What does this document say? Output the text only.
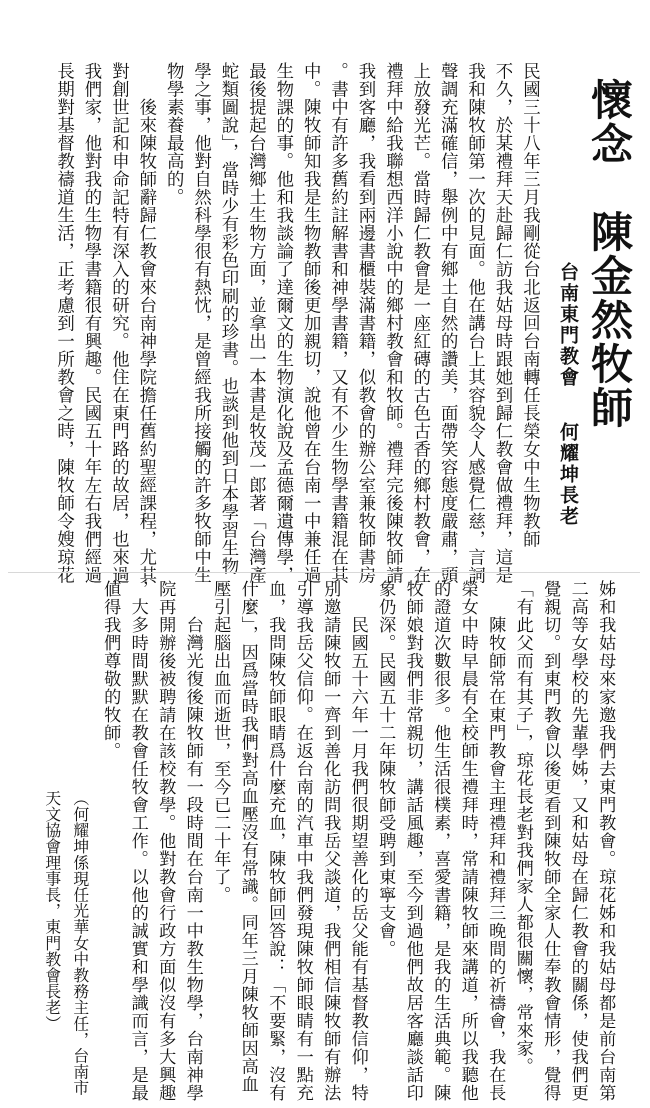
懷念　陳金然牧師
台南東門教會
何耀坤長老
民國三十八年三月我剛從台北返回台南轉任長榮女中生物教師
不久，於某禮拜天赴歸仁訪我姑母時跟她到歸仁教會做禮拜，這是
我和陳牧師第一次的見面。他在講台上其容貌令人感覺仁慈，言詞
聲調充滿確信，舉例中有鄉土自然的讚美，面帶笑容態度嚴肅，頭
上放發光芒。當時歸仁教會是一座紅磚的古色古香的鄉村教會，在
禮拜中給我聯想西洋小說中的鄉村教會和牧師。禮拜完後陳牧師請
我到客廳，我看到兩邊書櫃裝滿書籍，似教會的辦公室兼牧師書房
。書中有許多舊約註解書和神學書籍，又有不少生物學書籍混在其
中。陳牧師知我是生物教師後更加親切，說他曾在台南一中兼任過
生物課的事。他和我談論了達爾文的生物演化說及孟德爾遺傳學，
最後提起台灣鄉土生物方面，並拿出一本書是牧茂一郎著「台灣產
蛇類圖說」，當時少有彩色印刷的珍書。也談到他到日本學習生物
學之事，他對自然科學很有熱忱，是曾經我所接觸的許多牧師中生
物學素養最高的。
　　後來陳牧師辭歸仁教會來台南神學院擔任舊約聖經課程，尤其
對創世記和申命記特有深入的研究。他住在東門路的故居，也來過
我們家，他對我的生物學書籍很有興趣。民國五十年左右我們經過
長期對基督教禱道生活，正考慮到一所教會之時，陳牧師令嫂琼花
姊和我姑母來家邀我們去東門教會。琼花姊和我姑母都是前台南第
二高等女學校的先輩學姊，又和姑母在歸仁教會的關係，使我們更
覺親切。到東門教會以後更看到陳牧師全家人仕奉教會情形，覺得
「有此父而有其子」，琼花長老對我們家人都很關懷，常來家。
　　陳牧師常在東門教會主理禮拜和禮拜三晚間的祈禱會，我在長
榮女中時早晨有全校師生禮拜時，常請陳牧師來講道，所以我聽他
的證道次數很多。他生活很樸素，喜愛書籍，是我的生活典範。陳
牧師娘對我們非常親切，講話風趣，至今到過他們故居客廳談話印
象仍深。民國五十二年陳牧師受聘到東寧支會。
　　民國五十六年一月我們很期望善化的岳父能有基督教信仰，特
別邀請陳牧師一齊到善化訪問我岳父談道，我們相信陳牧師有辦法
引導我岳父信仰。在返台南的汽車中我們發現陳牧師眼睛有一點充
血，我問陳牧師眼睛爲什麼充血，陳牧師回答說：「不要緊，沒有
什麼」，因爲當時我們對高血壓沒有常識。同年三月陳牧師因高血
壓引起腦出血而逝世，至今已二十年了。
　　台灣光復後陳牧師有一段時間在台南一中教生物學，台南神學
院再開辦後被聘請在該校教學。他對教會行政方面似沒有多大興趣
，大多時間默默在教會任牧會工作。以他的誠實和學識而言，是最
値得我們尊敬的牧師。
（何耀坤係現任光華女中教務主任，台南市
天文協會理事長，東門教會長老）
